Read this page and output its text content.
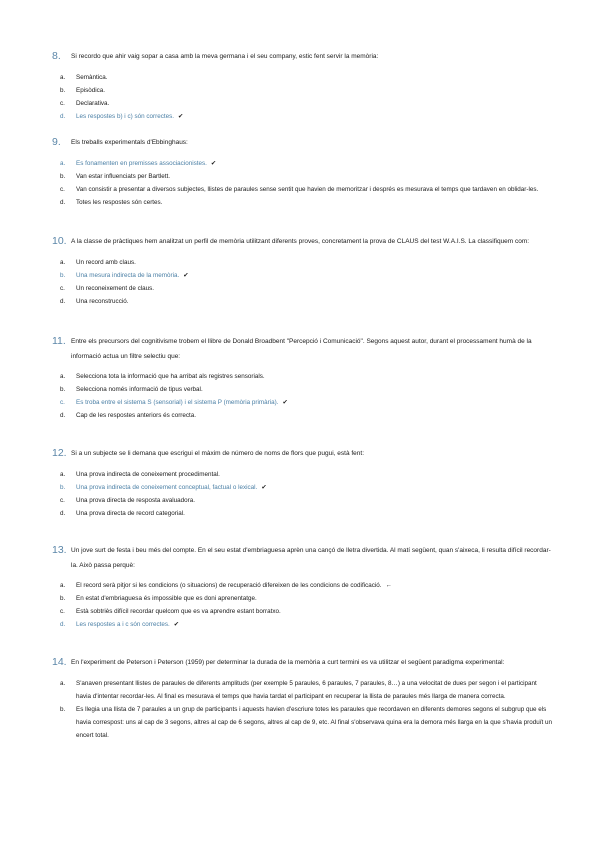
8.	Si recordo que ahir vaig sopar a casa amb la meva germana i el seu company, estic fent servir la memòria:
a.	Semàntica.
b.	Episòdica.
c.	Declarativa.
d.	Les respostes b) i c) són correctes. ✔
9.	Els treballs experimentals d'Ebbinghaus:
a.	Es fonamenten en premisses associacionistes. ✔
b.	Van estar influenciats per Bartlett.
c.	Van consistir a presentar a diversos subjectes, llistes de paraules sense sentit que havien de memoritzar i després es mesurava el temps que tardaven en oblidar-les.
d.	Totes les respostes són certes.
10. A la classe de pràctiques hem analitzat un perfil de memòria utilitzant diferents proves, concretament la prova de CLAUS del test W.A.I.S. La classifiquem com:
a.	Un record amb claus.
b.	Una mesura indirecta de la memòria. ✔
c.	Un reconeixement de claus.
d.	Una reconstrucció.
11. Entre els precursors del cognitivisme trobem el llibre de Donald Broadbent "Percepció i Comunicació". Segons aquest autor, durant el processament humà de la informació actua un filtre selectiu que:
a.	Selecciona tota la informació que ha arribat als registres sensorials.
b.	Selecciona només informació de tipus verbal.
c.	Es troba entre el sistema S (sensorial) i el sistema P (memòria primària). ✔
d.	Cap de les respostes anteriors és correcta.
12. Si a un subjecte se li demana que escrigui el màxim de número de noms de flors que pugui, està fent:
a.	Una prova indirecta de coneixement procedimental.
b.	Una prova indirecta de coneixement conceptual, factual o lexical. ✔
c.	Una prova directa de resposta avaluadora.
d.	Una prova directa de record categorial.
13. Un jove surt de festa i beu més del compte. En el seu estat d'embriaguesa aprèn una cançó de lletra divertida. Al matí següent, quan s'aixeca, li resulta difícil recordar-la. Això passa perquè:
a.	El record serà pitjor si les condicions (o situacions) de recuperació difereixen de les condicions de codificació. ←
b.	En estat d'embriaguesa és impossible que es doni aprenentatge.
c.	Està sobtriès difícil recordar quelcom que es va aprendre estant borratxo.
d.	Les respostes a i c són correctes. ✔
14. En l'experiment de Peterson i Peterson (1959) per determinar la durada de la memòria a curt termini es va utilitzar el següent paradigma experimental:
a.	S'anaven presentant llistes de paraules de diferents amplituds (per exemple 5 paraules, 6 paraules, 7 paraules, 8…) a una velocitat de dues per segon i el participant havia d'intentar recordar-les. Al final es mesurava el temps que havia tardat el participant en recuperar la llista de paraules més llarga de manera correcta.
b.	Es llegia una llista de 7 paraules a un grup de participants i aquests havien d'escriure totes les paraules que recordaven en diferents demores segons el subgrup que els havia correspost: uns al cap de 3 segons, altres al cap de 6 segons, altres al cap de 9, etc. Al final s'observava quina era la demora més llarga en la que s'havia produït un encert total.
